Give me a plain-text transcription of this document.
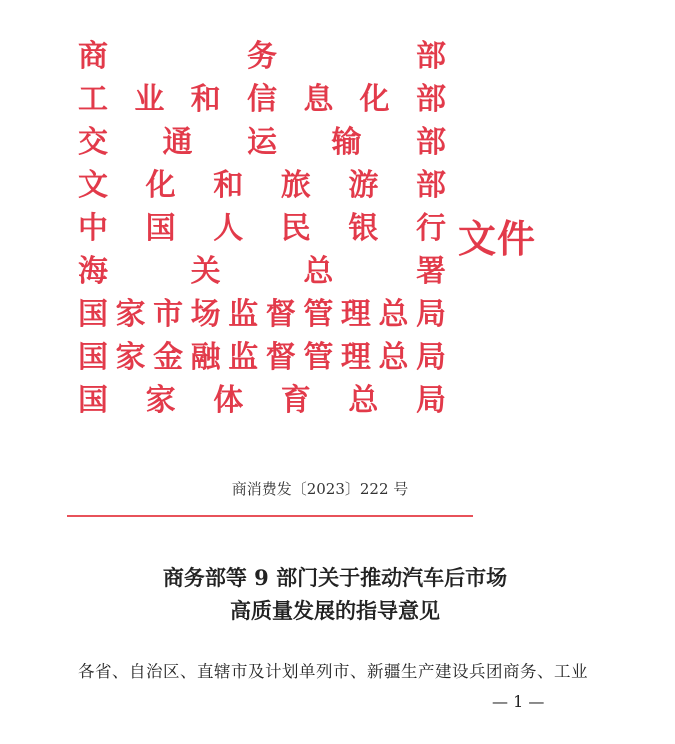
商务部
工业和信息化部
交通运输部
文化和旅游部
中国人民银行
海关总署
国家市场监督管理总局
国家金融监督管理总局
国家体育总局
文件
商消费发〔2023〕222 号
商务部等 9 部门关于推动汽车后市场
高质量发展的指导意见
各省、自治区、直辖市及计划单列市、新疆生产建设兵团商务、工业
— 1 —
